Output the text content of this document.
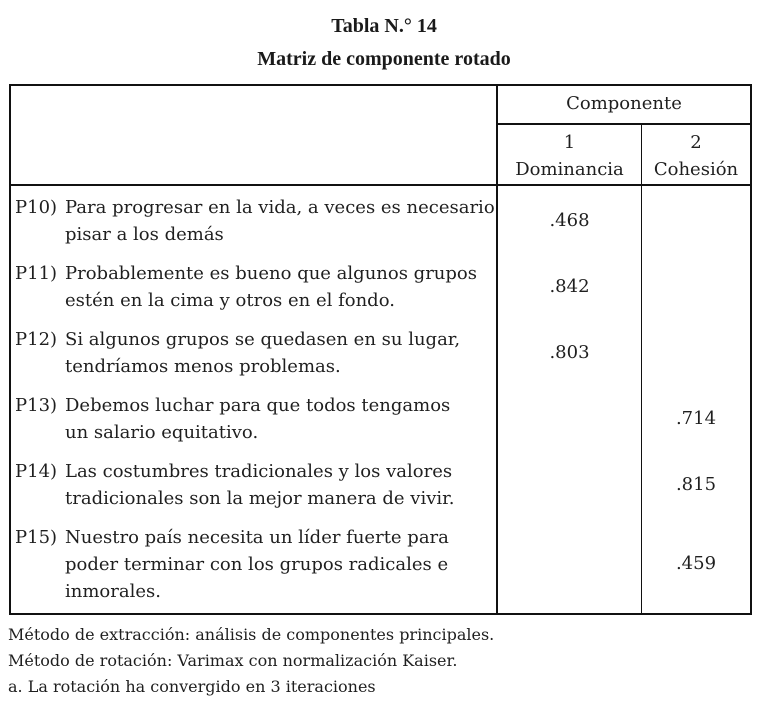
Tabla N.° 14
Matriz de componente rotado
Componente
1
Dominancia
2
Cohesión
P10) Para progresar en la vida, a veces es necesario
pisar a los demás
.468
P11) Probablemente es bueno que algunos grupos
estén en la cima y otros en el fondo.
.842
P12) Si algunos grupos se quedasen en su lugar,
tendríamos menos problemas.
.803
P13) Debemos luchar para que todos tengamos
un salario equitativo.
.714
P14) Las costumbres tradicionales y los valores
tradicionales son la mejor manera de vivir.
.815
P15) Nuestro país necesita un líder fuerte para
poder terminar con los grupos radicales e
inmorales.
.459
Método de extracción: análisis de componentes principales.
Método de rotación: Varimax con normalización Kaiser.
a. La rotación ha convergido en 3 iteraciones
